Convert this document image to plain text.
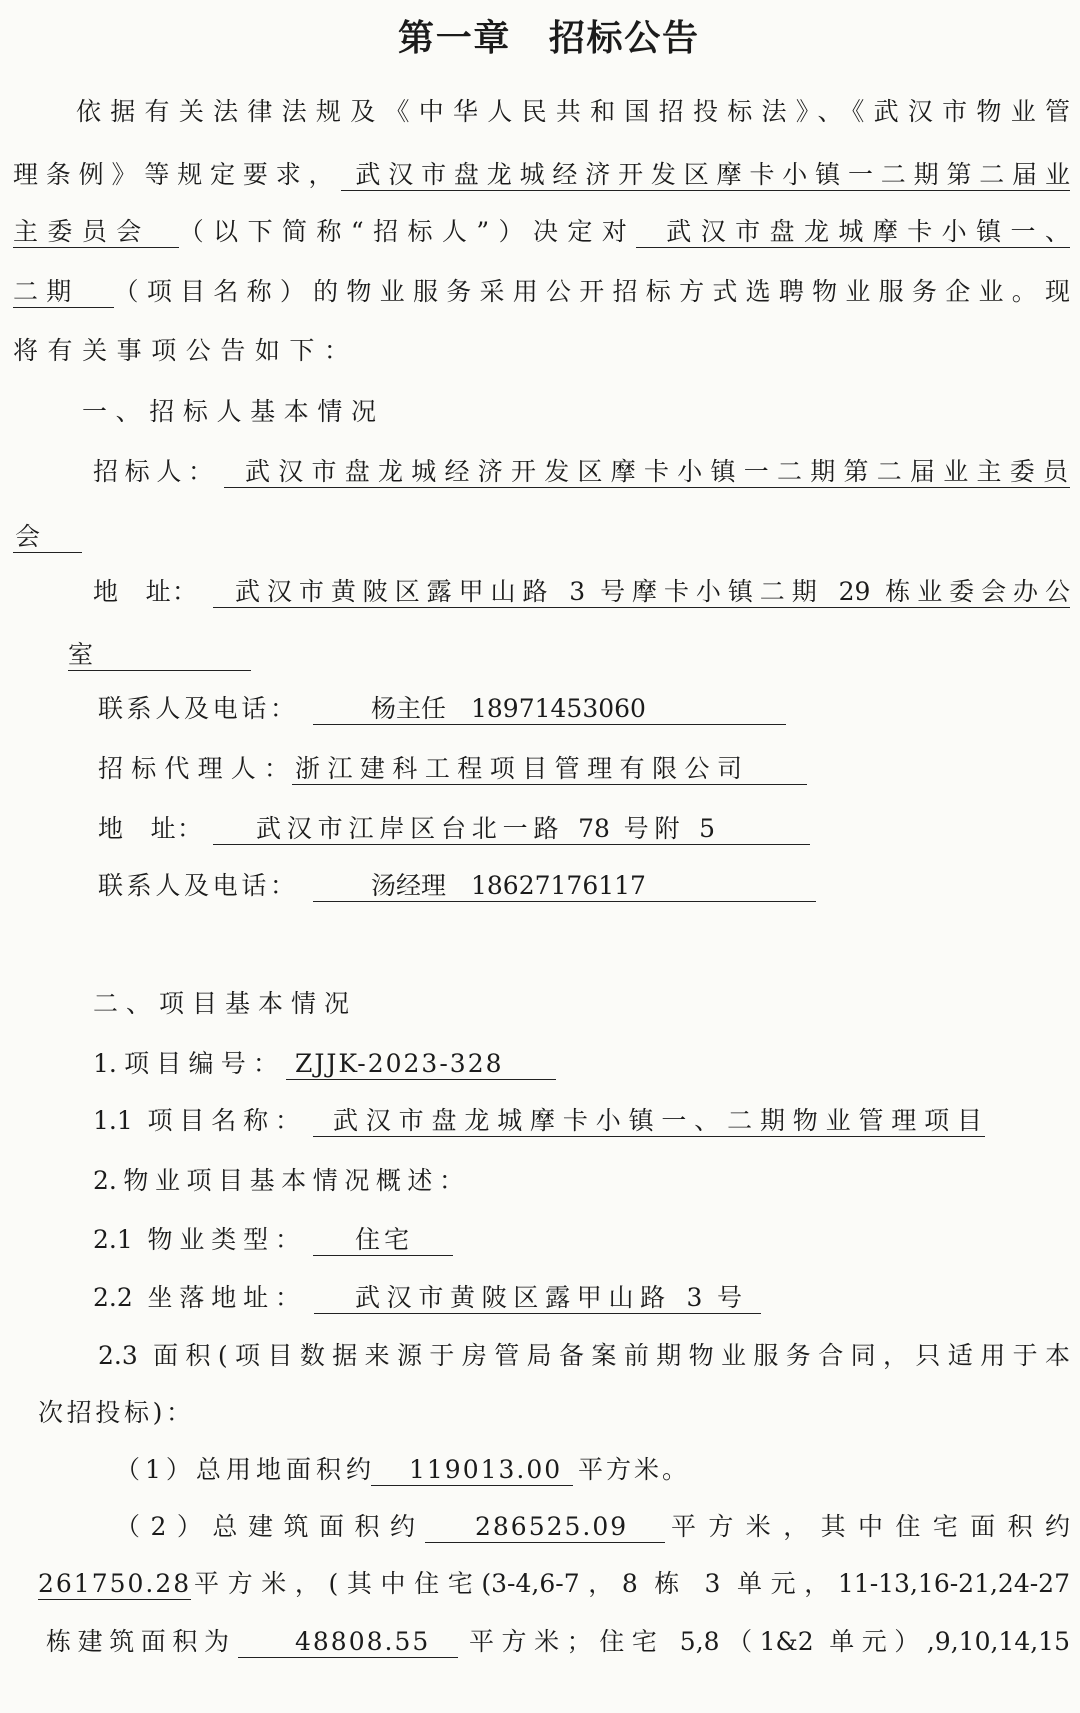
第一章　招标公告
依据有关法律法规及《中华人民共和国招投标法》、《武汉市物业管
理条例》等规定要求， 武汉市盘龙城经济开发区摩卡小镇一二期第二届业
主委员会 （以下简称“招标人”）决定对 武汉市盘龙城摩卡小镇一、
二期 （项目名称）的物业服务采用公开招标方式选聘物业服务企业。现
将有关事项公告如下：
一、招标人基本情况
招标人： 武汉市盘龙城经济开发区摩卡小镇一二期第二届业主委员
会
地　址： 武汉市黄陂区露甲山路 3 号摩卡小镇二期 29 栋业委会办公
室
联系人及电话：	杨主任　18971453060
招标代理人： 浙江建科工程项目管理有限公司
地　址： 武汉市江岸区台北一路 78 号附 5
联系人及电话：	汤经理　18627176117
二、项目基本情况
1.项目编号： ZJJK-2023-328
1.1 项目名称： 武汉市盘龙城摩卡小镇一、二期物业管理项目
2.物业项目基本情况概述：
2.1 物业类型： 住宅
2.2 坐落地址： 武汉市黄陂区露甲山路 3 号
2.3 面积(项目数据来源于房管局备案前期物业服务合同，只适用于本
次招投标)：
（1）总用地面积约 119013.00 平方米。
（2）总建筑面积约 286525.09 平方米，其中住宅面积约
261750.28 平方米，(其中住宅(3-4,6-7，8 栋 3 单元，11-13,16-21,24-27
栋建筑面积为	48808.55 平方米；住宅 5,8（1&2 单元）,9,10,14,15
